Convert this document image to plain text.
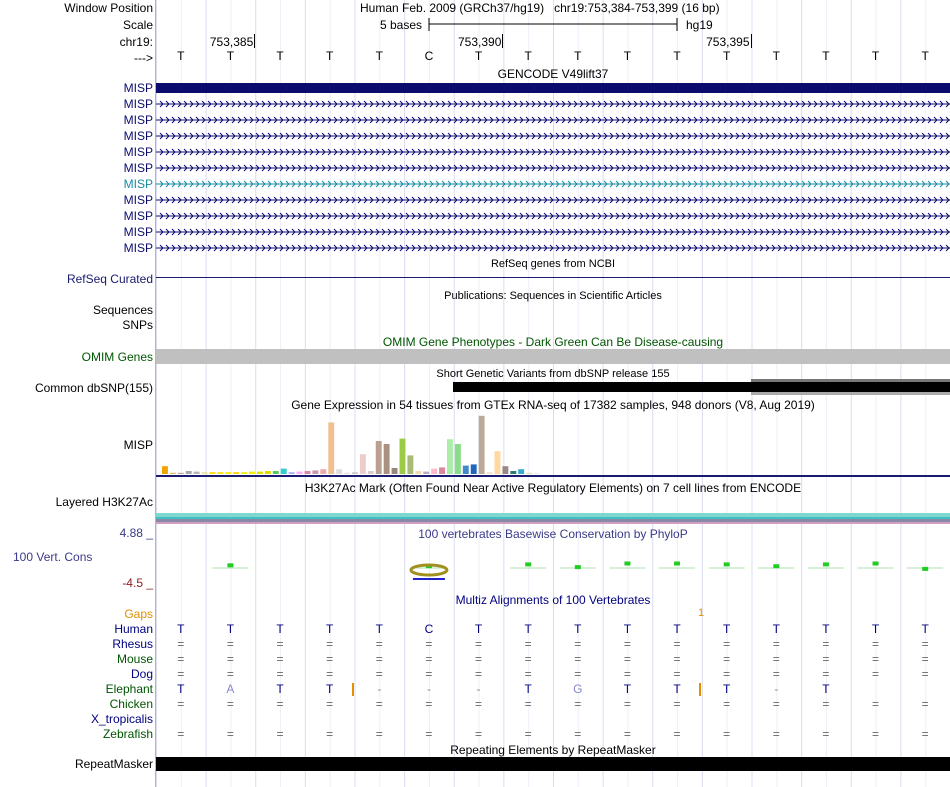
Window Position
Scale
chr19:
--->
Human Feb. 2009 (GRCh37/hg19) chr19:753,384-753,399 (16 bp)
5 bases	hg19
753,385	753,390	753,395
T	T	T	T	T	C	T	T	T	T	T	T	T	T	T	T
GENCODE V49lift37
MISP
MISP
MISP
MISP
MISP
MISP
MISP
MISP
MISP
MISP
MISP
RefSeq genes from NCBI
RefSeq Curated
Publications: Sequences in Scientific Articles
Sequences
SNPs
OMIM Gene Phenotypes - Dark Green Can Be Disease-causing
OMIM Genes
Short Genetic Variants from dbSNP release 155
Common dbSNP(155)
Gene Expression in 54 tissues from GTEx RNA-seq of 17382 samples, 948 donors (V8, Aug 2019)
MISP
H3K27Ac Mark (Often Found Near Active Regulatory Elements) on 7 cell lines from ENCODE
Layered H3K27Ac
100 vertebrates Basewise Conservation by PhyloP
4.88 _
100 Vert. Cons
-4.5 _
Multiz Alignments of 100 Vertebrates
Gaps	1
Human	T	T	T	T	T	C	T	T	T	T	T	T	T	T	T	T
Rhesus	=	=	=	=	=	=	=	=	=	=	=	=	=	=	=	=
Mouse	=	=	=	=	=	=	=	=	=	=	=	=	=	=	=	=
Dog	=	=	=	=	=	=	=	=	=	=	=	=	=	=	=	=
Elephant	T	A	T	T	-	-	-	T	G	T	T	T	-	T
Chicken	=	=	=	=	=	=	=	=	=	=	=	=	=	=	=	=
X_tropicalis
Zebrafish	=	=	=	=	=	=	=	=	=	=	=	=	=	=	=	=
Repeating Elements by RepeatMasker
RepeatMasker
